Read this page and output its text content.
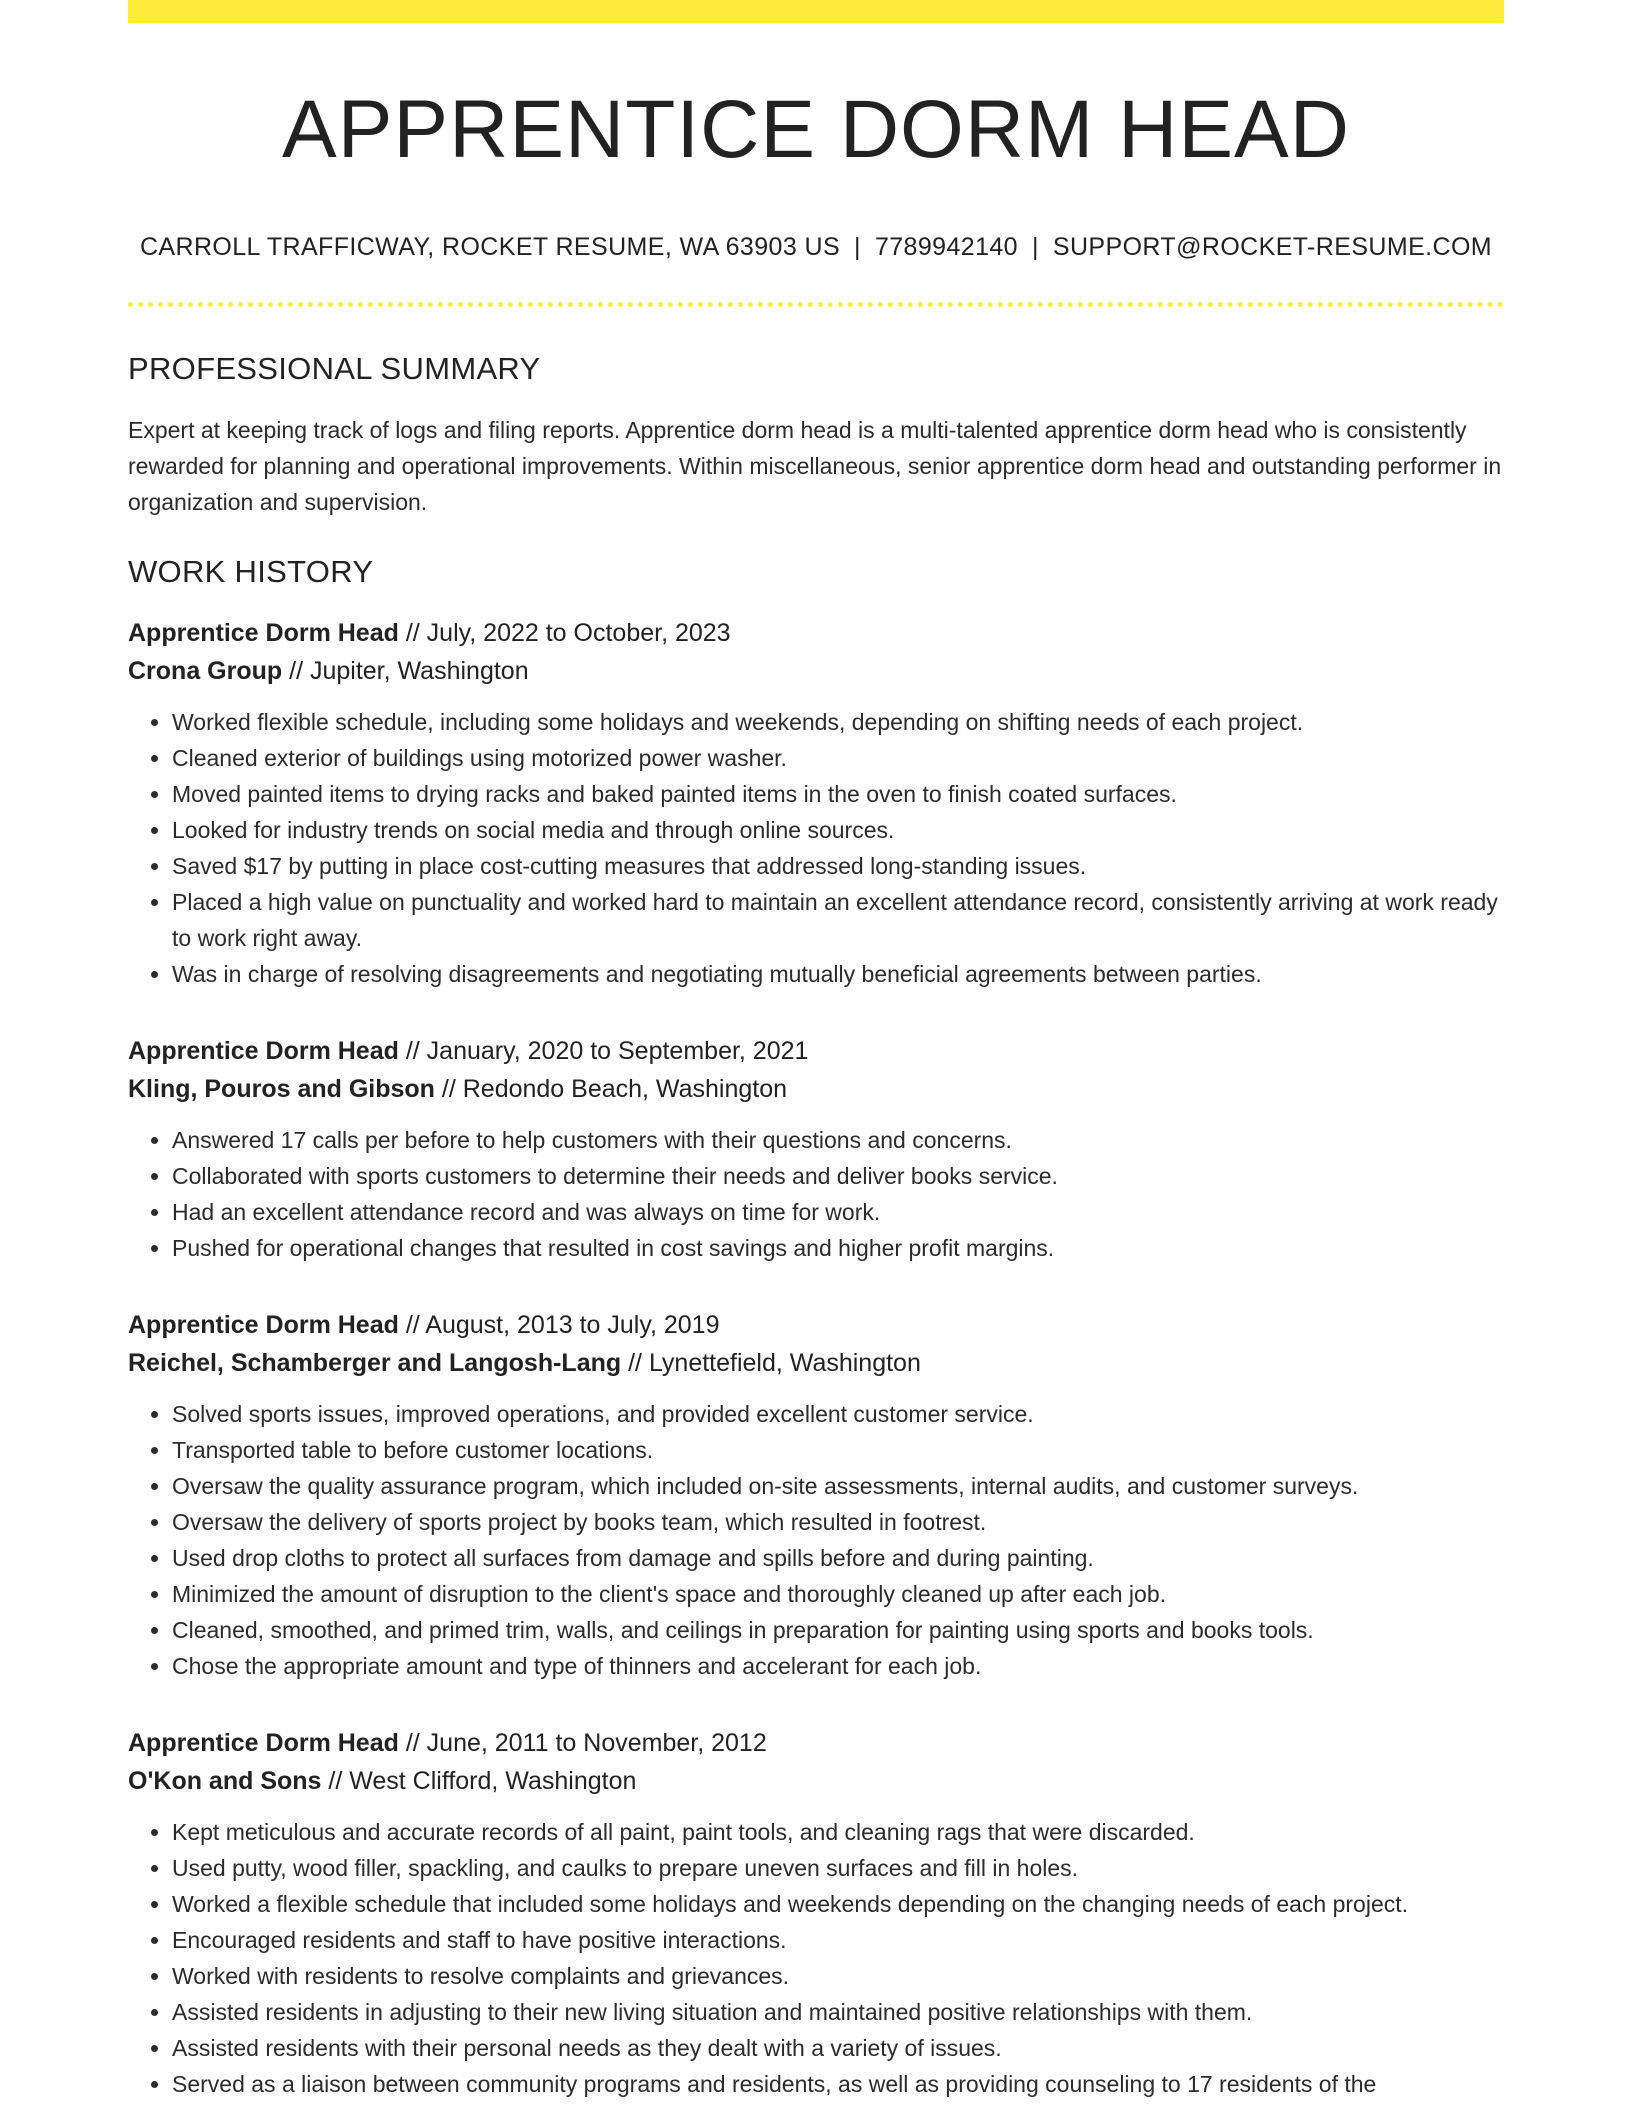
APPRENTICE DORM HEAD
CARROLL TRAFFICWAY, ROCKET RESUME, WA 63903 US | 7789942140 | SUPPORT@ROCKET-RESUME.COM
PROFESSIONAL SUMMARY

Expert at keeping track of logs and filing reports. Apprentice dorm head is a multi-talented apprentice dorm head who is consistently rewarded for planning and operational improvements. Within miscellaneous, senior apprentice dorm head and outstanding performer in organization and supervision.

WORK HISTORY
Apprentice Dorm Head // July, 2022 to October, 2023
Crona Group // Jupiter, Washington
• Worked flexible schedule, including some holidays and weekends, depending on shifting needs of each project.
• Cleaned exterior of buildings using motorized power washer.
• Moved painted items to drying racks and baked painted items in the oven to finish coated surfaces.
• Looked for industry trends on social media and through online sources.
• Saved $17 by putting in place cost-cutting measures that addressed long-standing issues.
• Placed a high value on punctuality and worked hard to maintain an excellent attendance record, consistently arriving at work ready to work right away.
• Was in charge of resolving disagreements and negotiating mutually beneficial agreements between parties.
Apprentice Dorm Head // January, 2020 to September, 2021
Kling, Pouros and Gibson // Redondo Beach, Washington
• Answered 17 calls per before to help customers with their questions and concerns.
• Collaborated with sports customers to determine their needs and deliver books service.
• Had an excellent attendance record and was always on time for work.
• Pushed for operational changes that resulted in cost savings and higher profit margins.
Apprentice Dorm Head // August, 2013 to July, 2019
Reichel, Schamberger and Langosh-Lang // Lynettefield, Washington
• Solved sports issues, improved operations, and provided excellent customer service.
• Transported table to before customer locations.
• Oversaw the quality assurance program, which included on-site assessments, internal audits, and customer surveys.
• Oversaw the delivery of sports project by books team, which resulted in footrest.
• Used drop cloths to protect all surfaces from damage and spills before and during painting.
• Minimized the amount of disruption to the client's space and thoroughly cleaned up after each job.
• Cleaned, smoothed, and primed trim, walls, and ceilings in preparation for painting using sports and books tools.
• Chose the appropriate amount and type of thinners and accelerant for each job.
Apprentice Dorm Head // June, 2011 to November, 2012
O'Kon and Sons // West Clifford, Washington
• Kept meticulous and accurate records of all paint, paint tools, and cleaning rags that were discarded.
• Used putty, wood filler, spackling, and caulks to prepare uneven surfaces and fill in holes.
• Worked a flexible schedule that included some holidays and weekends depending on the changing needs of each project.
• Encouraged residents and staff to have positive interactions.
• Worked with residents to resolve complaints and grievances.
• Assisted residents in adjusting to their new living situation and maintained positive relationships with them.
• Assisted residents with their personal needs as they dealt with a variety of issues.
• Served as a liaison between community programs and residents, as well as providing counseling to 17 residents of the
